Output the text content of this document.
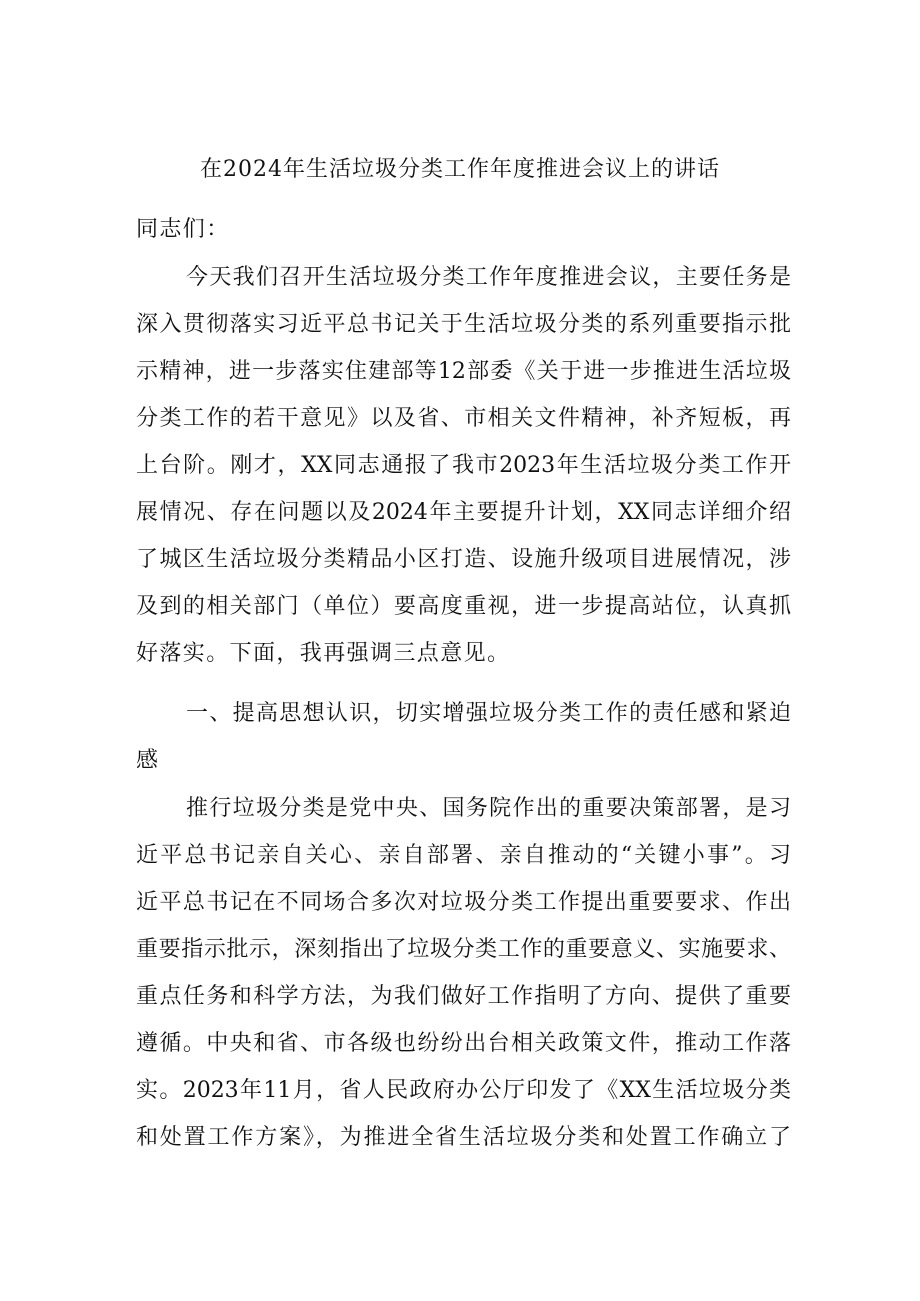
在2024年生活垃圾分类工作年度推进会议上的讲话
同志们：
今天我们召开生活垃圾分类工作年度推进会议，主要任务是
深入贯彻落实习近平总书记关于生活垃圾分类的系列重要指示批
示精神，进一步落实住建部等12部委《关于进一步推进生活垃圾
分类工作的若干意见》以及省、市相关文件精神，补齐短板，再
上台阶。刚才，XX同志通报了我市2023年生活垃圾分类工作开
展情况、存在问题以及2024年主要提升计划，XX同志详细介绍
了城区生活垃圾分类精品小区打造、设施升级项目进展情况，涉
及到的相关部门（单位）要高度重视，进一步提高站位，认真抓
好落实。下面，我再强调三点意见。
一、提高思想认识，切实增强垃圾分类工作的责任感和紧迫
感
推行垃圾分类是党中央、国务院作出的重要决策部署，是习
近平总书记亲自关心、亲自部署、亲自推动的“关键小事”。习
近平总书记在不同场合多次对垃圾分类工作提出重要要求、作出
重要指示批示，深刻指出了垃圾分类工作的重要意义、实施要求、
重点任务和科学方法，为我们做好工作指明了方向、提供了重要
遵循。中央和省、市各级也纷纷出台相关政策文件，推动工作落
实。2023年11月，省人民政府办公厅印发了《XX生活垃圾分类
和处置工作方案》，为推进全省生活垃圾分类和处置工作确立了
